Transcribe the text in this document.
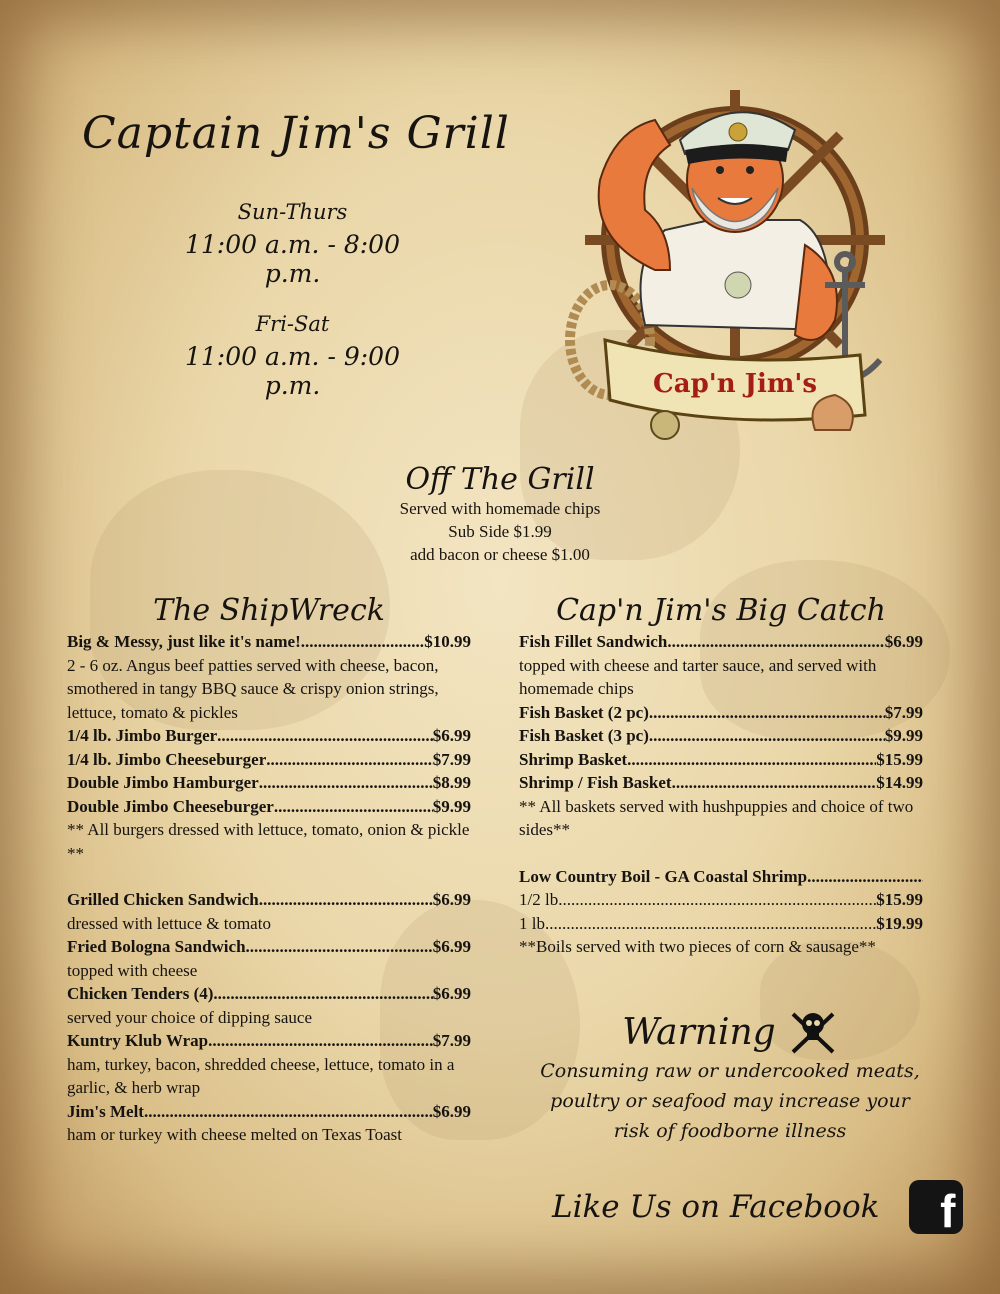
Captain Jim's Grill
Sun-Thurs
11:00 a.m. - 8:00 p.m.
Fri-Sat
11:00 a.m. - 9:00 p.m.	Cap'n Jim's
Off The Grill
Served with homemade chips
Sub Side $1.99
add bacon or cheese $1.00
The ShipWreck
Big & Messy, just like it's name! .....	$10.99
2 - 6 oz. Angus beef patties served with cheese, bacon, smothered in tangy BBQ sauce & crispy onion strings, lettuce, tomato & pickles
1/4 lb. Jimbo Burger .....	$6.99
1/4 lb. Jimbo Cheeseburger .....	$7.99
Double Jimbo Hamburger .....	$8.99
Double Jimbo Cheeseburger .....	$9.99
** All burgers dressed with lettuce, tomato, onion & pickle **
Grilled Chicken Sandwich .....	$6.99
dressed with lettuce & tomato
Fried Bologna Sandwich .....	$6.99
topped with cheese
Chicken Tenders (4) .....	$6.99
served your choice of dipping sauce
Kuntry Klub Wrap .....	$7.99
ham, turkey, bacon, shredded cheese, lettuce, tomato in a garlic, & herb wrap
Jim's Melt .....	$6.99
ham or turkey with cheese melted on Texas Toast
Cap'n Jim's Big Catch
Fish Fillet Sandwich .....	$6.99
topped with cheese and tarter sauce, and served with homemade chips
Fish Basket (2 pc) .....	$7.99
Fish Basket (3 pc) .....	$9.99
Shrimp Basket .....	$15.99
Shrimp / Fish Basket .....	$14.99
** All baskets served with hushpuppies and choice of two sides**
Low Country Boil - GA Coastal Shrimp
.....
1/2 lb .....	$15.99
1 lb .....	$19.99
**Boils served with two pieces of corn & sausage**
Warning
Consuming raw or undercooked meats,
poultry or seafood may increase your
risk of foodborne illness
Like Us on Facebook	f
